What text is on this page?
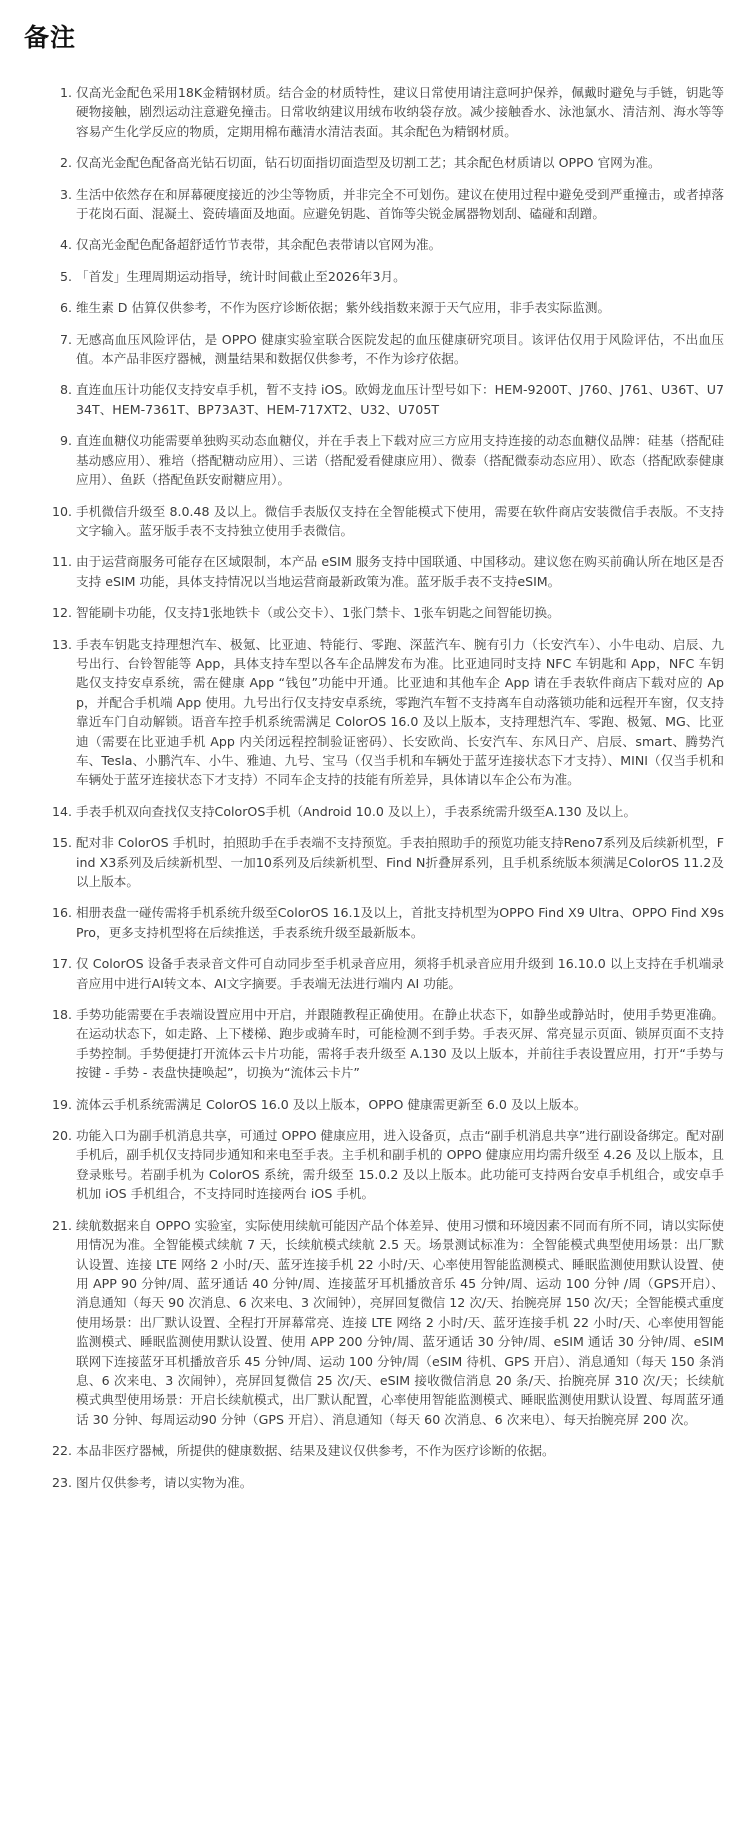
备注
1. 仅高光金配色采用18K金精钢材质。结合金的材质特性，建议日常使用请注意呵护保养，佩戴时避免与手链，钥匙等硬物接触，剧烈运动注意避免撞击。日常收纳建议用绒布收纳袋存放。减少接触香水、泳池氯水、清洁剂、海水等等容易产生化学反应的物质，定期用棉布蘸清水清洁表面。其余配色为精钢材质。
2. 仅高光金配色配备高光钻石切面，钻石切面指切面造型及切割工艺；其余配色材质请以 OPPO 官网为准。
3. 生活中依然存在和屏幕硬度接近的沙尘等物质，并非完全不可划伤。建议在使用过程中避免受到严重撞击，或者掉落于花岗石面、混凝土、瓷砖墙面及地面。应避免钥匙、首饰等尖锐金属器物划刮、磕碰和刮蹭。
4. 仅高光金配色配备超舒适竹节表带，其余配色表带请以官网为准。
5. 「首发」生理周期运动指导，统计时间截止至2026年3月。
6. 维生素 D 估算仅供参考，不作为医疗诊断依据；紫外线指数来源于天气应用，非手表实际监测。
7. 无感高血压风险评估，是 OPPO 健康实验室联合医院发起的血压健康研究项目。该评估仅用于风险评估，不出血压值。本产品非医疗器械，测量结果和数据仅供参考，不作为诊疗依据。
8. 直连血压计功能仅支持安卓手机，暂不支持 iOS。欧姆龙血压计型号如下：HEM-9200T、J760、J761、U36T、U734T、HEM-7361T、BP73A3T、HEM-717XT2、U32、U705T
9. 直连血糖仪功能需要单独购买动态血糖仪，并在手表上下载对应三方应用支持连接的动态血糖仪品牌：硅基（搭配硅基动感应用）、雅培（搭配糖动应用）、三诺（搭配爱看健康应用）、微泰（搭配微泰动态应用）、欧态（搭配欧泰健康应用）、鱼跃（搭配鱼跃安耐糖应用）。
10. 手机微信升级至 8.0.48 及以上。微信手表版仅支持在全智能模式下使用，需要在软件商店安装微信手表版。不支持文字输入。蓝牙版手表不支持独立使用手表微信。
11. 由于运营商服务可能存在区域限制，本产品 eSIM 服务支持中国联通、中国移动。建议您在购买前确认所在地区是否支持 eSIM 功能，具体支持情况以当地运营商最新政策为准。蓝牙版手表不支持eSIM。
12. 智能刷卡功能，仅支持1张地铁卡（或公交卡）、1张门禁卡、1张车钥匙之间智能切换。
13. 手表车钥匙支持理想汽车、极氪、比亚迪、特能行、零跑、深蓝汽车、腕有引力（长安汽车）、小牛电动、启辰、九号出行、台铃智能等 App，具体支持车型以各车企品牌发布为准。比亚迪同时支持 NFC 车钥匙和 App，NFC 车钥匙仅支持安卓系统，需在健康 App “钱包”功能中开通。比亚迪和其他车企 App 请在手表软件商店下载对应的 App，并配合手机端 App 使用。九号出行仅支持安卓系统，零跑汽车暂不支持离车自动落锁功能和远程开车窗，仅支持靠近车门自动解锁。语音车控手机系统需满足 ColorOS 16.0 及以上版本，支持理想汽车、零跑、极氪、MG、比亚迪（需要在比亚迪手机 App 内关闭远程控制验证密码）、长安欧尚、长安汽车、东风日产、启辰、smart、腾势汽车、Tesla、小鹏汽车、小牛、雅迪、九号、宝马（仅当手机和车辆处于蓝牙连接状态下才支持）、MINI（仅当手机和车辆处于蓝牙连接状态下才支持）不同车企支持的技能有所差异，具体请以车企公布为准。
14. 手表手机双向查找仅支持ColorOS手机（Android 10.0 及以上），手表系统需升级至A.130 及以上。
15. 配对非 ColorOS 手机时，拍照助手在手表端不支持预览。手表拍照助手的预览功能支持Reno7系列及后续新机型，Find X3系列及后续新机型、一加10系列及后续新机型、Find N折叠屏系列，且手机系统版本须满足ColorOS 11.2及以上版本。
16. 相册表盘一碰传需将手机系统升级至ColorOS 16.1及以上，首批支持机型为OPPO Find X9 Ultra、OPPO Find X9s Pro，更多支持机型将在后续推送，手表系统升级至最新版本。
17. 仅 ColorOS 设备手表录音文件可自动同步至手机录音应用，须将手机录音应用升级到 16.10.0 以上支持在手机端录音应用中进行AI转文本、AI文字摘要。手表端无法进行端内 AI 功能。
18. 手势功能需要在手表端设置应用中开启，并跟随教程正确使用。在静止状态下，如静坐或静站时，使用手势更准确。在运动状态下，如走路、上下楼梯、跑步或骑车时，可能检测不到手势。手表灭屏、常亮显示页面、锁屏页面不支持手势控制。手势便捷打开流体云卡片功能，需将手表升级至 A.130 及以上版本，并前往手表设置应用，打开“手势与按键 - 手势 - 表盘快捷唤起”，切换为“流体云卡片”
19. 流体云手机系统需满足 ColorOS 16.0 及以上版本，OPPO 健康需更新至 6.0 及以上版本。
20. 功能入口为副手机消息共享，可通过 OPPO 健康应用，进入设备页，点击“副手机消息共享”进行副设备绑定。配对副手机后，副手机仅支持同步通知和来电至手表。主手机和副手机的 OPPO 健康应用均需升级至 4.26 及以上版本，且登录账号。若副手机为 ColorOS 系统，需升级至 15.0.2 及以上版本。此功能可支持两台安卓手机组合，或安卓手机加 iOS 手机组合，不支持同时连接两台 iOS 手机。
21. 续航数据来自 OPPO 实验室，实际使用续航可能因产品个体差异、使用习惯和环境因素不同而有所不同，请以实际使用情况为准。全智能模式续航 7 天，长续航模式续航 2.5 天。场景测试标准为：全智能模式典型使用场景：出厂默认设置、连接 LTE 网络 2 小时/天、蓝牙连接手机 22 小时/天、心率使用智能监测模式、睡眠监测使用默认设置、使用 APP 90 分钟/周、蓝牙通话 40 分钟/周、连接蓝牙耳机播放音乐 45 分钟/周、运动 100 分钟 /周（GPS开启）、消息通知（每天 90 次消息、6 次来电、3 次闹钟），亮屏回复微信 12 次/天、抬腕亮屏 150 次/天；全智能模式重度使用场景：出厂默认设置、全程打开屏幕常亮、连接 LTE 网络 2 小时/天、蓝牙连接手机 22 小时/天、心率使用智能监测模式、睡眠监测使用默认设置、使用 APP 200 分钟/周、蓝牙通话 30 分钟/周、eSIM 通话 30 分钟/周、eSIM 联网下连接蓝牙耳机播放音乐 45 分钟/周、运动 100 分钟/周（eSIM 待机、GPS 开启）、消息通知（每天 150 条消息、6 次来电、3 次闹钟），亮屏回复微信 25 次/天、eSIM 接收微信消息 20 条/天、抬腕亮屏 310 次/天；长续航模式典型使用场景：开启长续航模式，出厂默认配置，心率使用智能监测模式、睡眠监测使用默认设置、每周蓝牙通话 30 分钟、每周运动90 分钟（GPS 开启）、消息通知（每天 60 次消息、6 次来电）、每天抬腕亮屏 200 次。
22. 本品非医疗器械，所提供的健康数据、结果及建议仅供参考，不作为医疗诊断的依据。
23. 图片仅供参考，请以实物为准。
